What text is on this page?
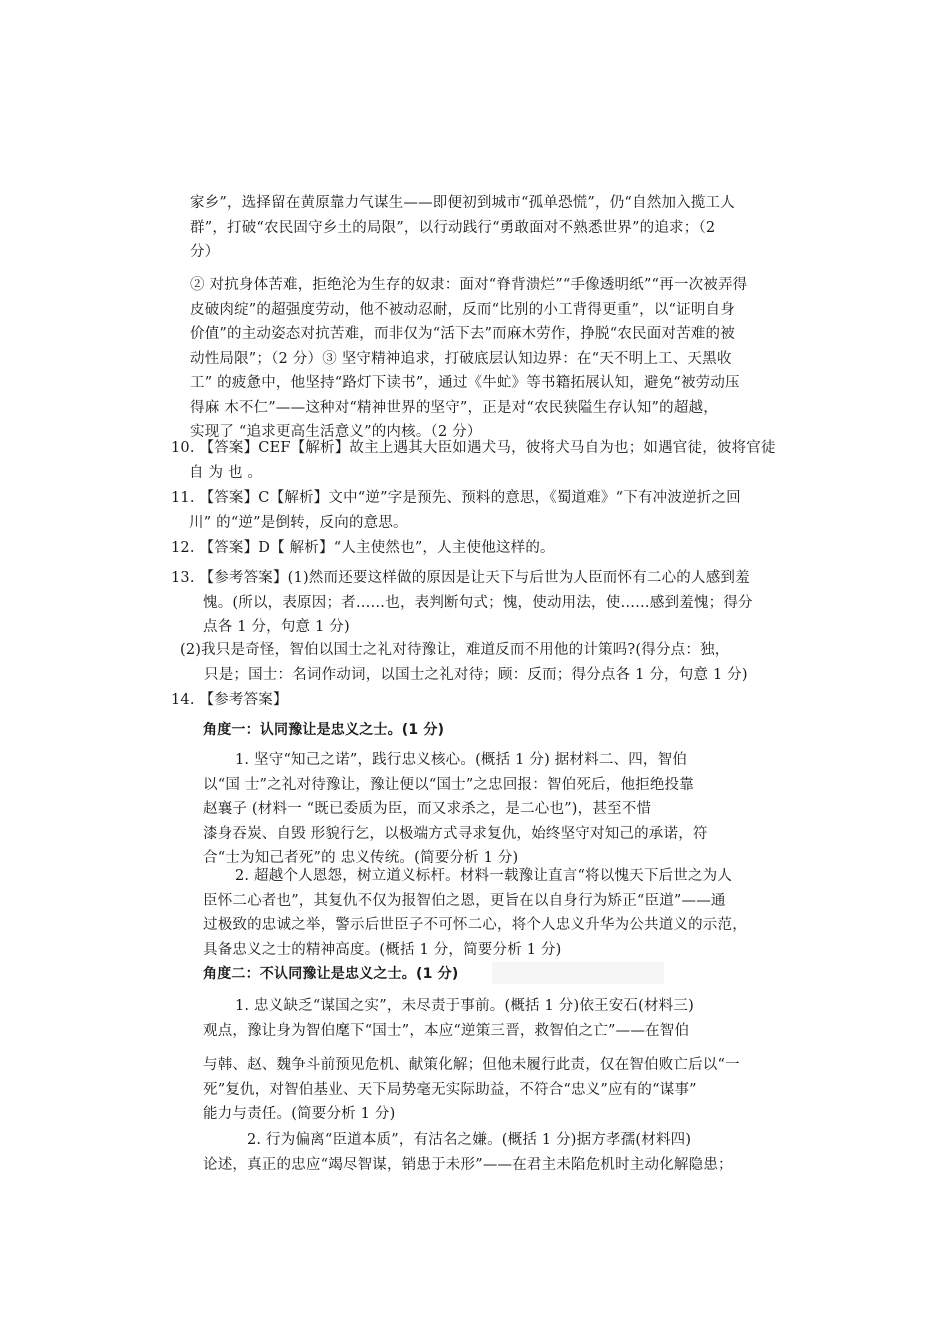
家乡”，选择留在黄原靠力气谋生——即便初到城市“孤单恐慌”，仍“自然加入揽工人
群”，打破“农民固守乡土的局限”，以行动践行“勇敢面对不熟悉世界”的追求；（2
分）
② 对抗身体苦难，拒绝沦为生存的奴隶：面对“脊背溃烂”“手像透明纸”“再一次被弄得
皮破肉绽”的超强度劳动，他不被动忍耐，反而“比别的小工背得更重”，以“证明自身
价值”的主动姿态对抗苦难，而非仅为“活下去”而麻木劳作，挣脱“农民面对苦难的被
动性局限”；（2 分）③ 坚守精神追求，打破底层认知边界：在“天不明上工、天黑收
工” 的疲惫中，他坚持“路灯下读书”，通过《牛虻》等书籍拓展认知，避免“被劳动压
得麻 木不仁”——这种对“精神世界的坚守”，正是对“农民狭隘生存认知”的超越，
实现了 “追求更高生活意义”的内核。（2 分）
10. 【答案】CEF【解析】故主上遇其大臣如遇犬马，彼将犬马自为也；如遇官徒，彼将官徒
自 为 也 。
11. 【答案】C【解析】文中“逆”字是预先、预料的意思，《蜀道难》“下有冲波逆折之回
川” 的“逆”是倒转，反向的意思。
12. 【答案】D【 解析】“人主使然也”，人主使他这样的。
13. 【参考答案】(1)然而还要这样做的原因是让天下与后世为人臣而怀有二心的人感到羞
愧。(所以，表原因；者……也，表判断句式；愧，使动用法，使……感到羞愧；得分
点各 1 分，句意 1 分)
(2)我只是奇怪，智伯以国士之礼对待豫让，难道反而不用他的计策吗?(得分点：独，
只是；国士：名词作动词，以国士之礼对待；顾：反而；得分点各 1 分，句意 1 分)
14. 【参考答案】
角度一：认同豫让是忠义之士。(1 分)
1. 坚守“知己之诺”，践行忠义核心。(概括 1 分) 据材料二、四，智伯
以“国 士”之礼对待豫让，豫让便以“国士”之忠回报：智伯死后，他拒绝投靠
赵襄子 (材料一 “既已委质为臣，而又求杀之，是二心也”)，甚至不惜
漆身吞炭、自毁 形貌行乞，以极端方式寻求复仇，始终坚守对知己的承诺，符
合“士为知己者死”的 忠义传统。(简要分析 1 分)
2. 超越个人恩怨，树立道义标杆。材料一载豫让直言“将以愧天下后世之为人
臣怀二心者也”，其复仇不仅为报智伯之恩，更旨在以自身行为矫正“臣道”——通
过极致的忠诚之举，警示后世臣子不可怀二心，将个人忠义升华为公共道义的示范，
具备忠义之士的精神高度。(概括 1 分，简要分析 1 分)
角度二：不认同豫让是忠义之士。(1 分)
1. 忠义缺乏“谋国之实”，未尽责于事前。(概括 1 分)依王安石(材料三)
观点，豫让身为智伯麾下“国士”，本应“逆策三晋，救智伯之亡”——在智伯
与韩、赵、魏争斗前预见危机、献策化解；但他未履行此责，仅在智伯败亡后以“一
死”复仇，对智伯基业、天下局势毫无实际助益，不符合“忠义”应有的“谋事”
能力与责任。(简要分析 1 分)
2. 行为偏离“臣道本质”，有沽名之嫌。(概括 1 分)据方孝孺(材料四)
论述，真正的忠应“竭尽智谋，销患于未形”——在君主未陷危机时主动化解隐患；
